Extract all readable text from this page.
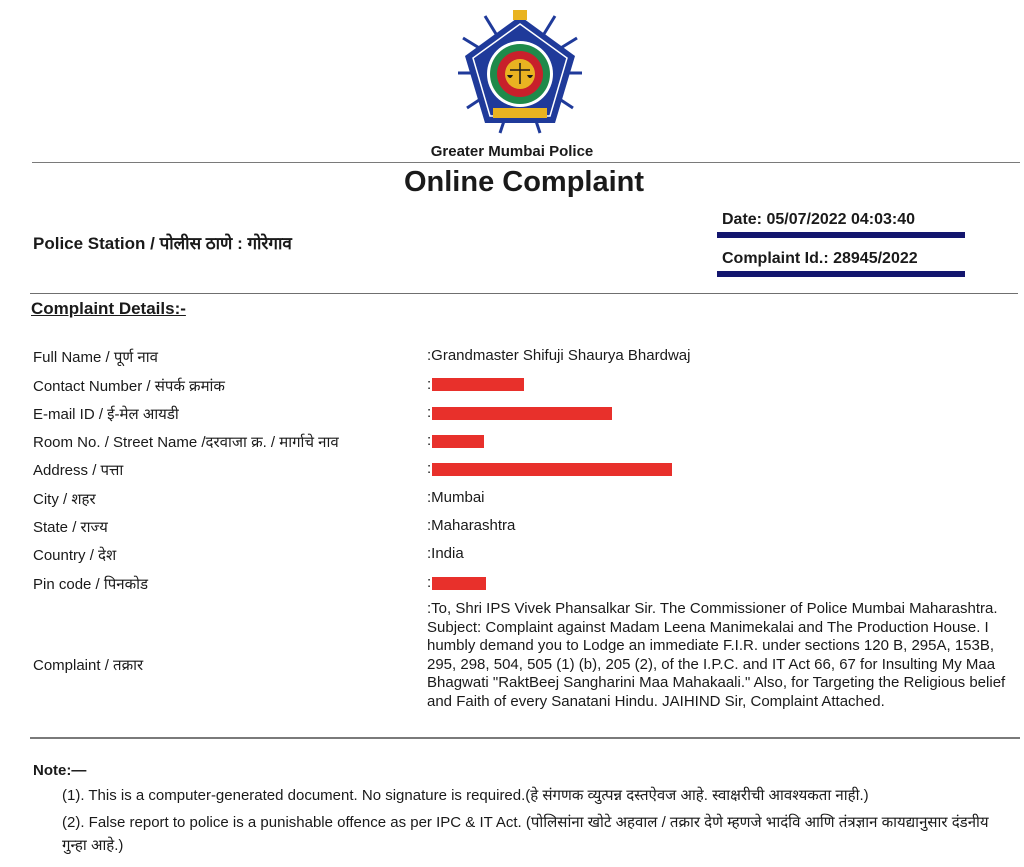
Greater Mumbai Police
Online Complaint
Police Station / पोलीस ठाणे : गोरेगाव
Date: 05/07/2022 04:03:40
Complaint Id.: 28945/2022
Complaint Details:-
Full Name / पूर्ण नाव	:Grandmaster Shifuji Shaurya Bhardwaj
Contact Number / संपर्क क्रमांक	:
E-mail ID / ई-मेल आयडी	:
Room No. / Street Name /दरवाजा क्र. / मार्गाचे नाव	:
Address / पत्ता	:
City / शहर	:Mumbai
State / राज्य	:Maharashtra
Country / देश	:India
Pin code / पिनकोड	:
Complaint / तक्रार
:To, Shri IPS Vivek Phansalkar Sir. The Commissioner of Police Mumbai Maharashtra. Subject: Complaint against Madam Leena Manimekalai and The Production House. I humbly demand you to Lodge an immediate F.I.R. under sections 120 B, 295A, 153B, 295, 298, 504, 505 (1) (b), 205 (2), of the I.P.C. and IT Act 66, 67 for Insulting My Maa Bhagwati "RaktBeej Sangharini Maa Mahakaali." Also, for Targeting the Religious belief and Faith of every Sanatani Hindu. JAIHIND Sir, Complaint Attached.
Note:—
(1). This is a computer-generated document. No signature is required.(हे संगणक व्युत्पन्न दस्तऐवज आहे. स्वाक्षरीची आवश्यकता नाही.)
(2). False report to police is a punishable offence as per IPC & IT Act. (पोलिसांना खोटे अहवाल / तक्रार देणे म्हणजे भादंवि आणि तंत्रज्ञान कायद्यानुसार दंडनीय गुन्हा आहे.)
